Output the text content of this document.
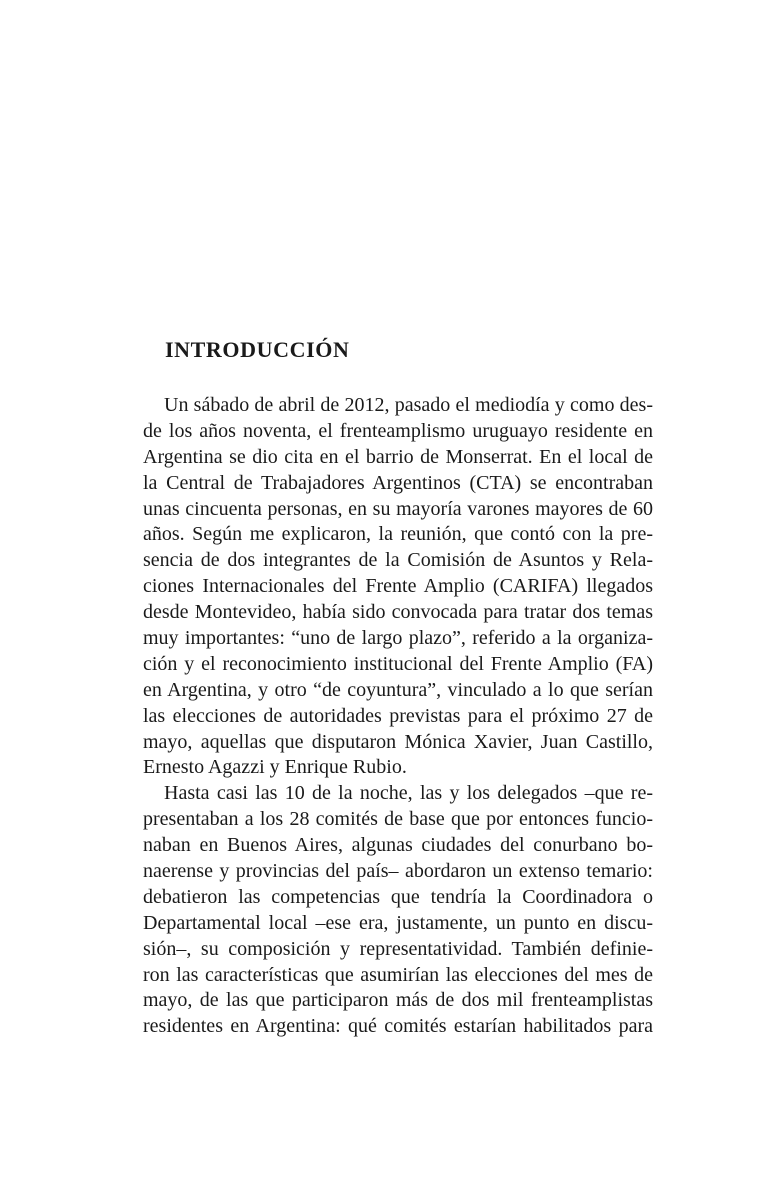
INTRODUCCIÓN

Un sábado de abril de 2012, pasado el mediodía y como des-
de los años noventa, el frenteamplismo uruguayo residente en
Argentina se dio cita en el barrio de Monserrat. En el local de
la Central de Trabajadores Argentinos (CTA) se encontraban
unas cincuenta personas, en su mayoría varones mayores de 60
años. Según me explicaron, la reunión, que contó con la pre-
sencia de dos integrantes de la Comisión de Asuntos y Rela-
ciones Internacionales del Frente Amplio (CARIFA) llegados
desde Montevideo, había sido convocada para tratar dos temas
muy importantes: “uno de largo plazo”, referido a la organiza-
ción y el reconocimiento institucional del Frente Amplio (FA)
en Argentina, y otro “de coyuntura”, vinculado a lo que serían
las elecciones de autoridades previstas para el próximo 27 de
mayo, aquellas que disputaron Mónica Xavier, Juan Castillo,
Ernesto Agazzi y Enrique Rubio.

Hasta casi las 10 de la noche, las y los delegados –que re-
presentaban a los 28 comités de base que por entonces funcio-
naban en Buenos Aires, algunas ciudades del conurbano bo-
naerense y provincias del país– abordaron un extenso temario:
debatieron las competencias que tendría la Coordinadora o
Departamental local –ese era, justamente, un punto en discu-
sión–, su composición y representatividad. También definie-
ron las características que asumirían las elecciones del mes de
mayo, de las que participaron más de dos mil frenteamplistas
residentes en Argentina: qué comités estarían habilitados para
